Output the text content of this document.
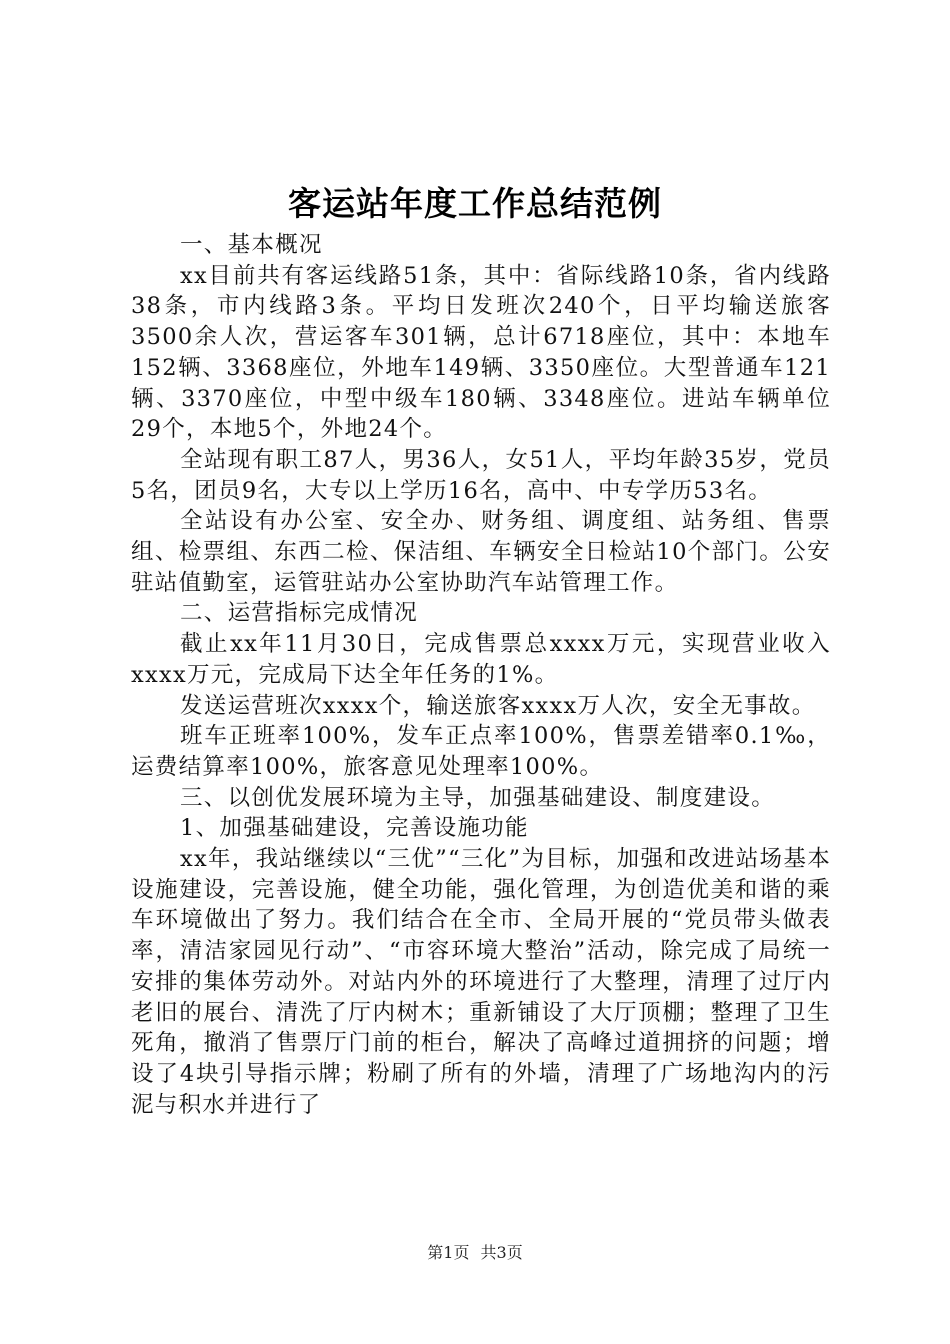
客运站年度工作总结范例

一、基本概况

xx目前共有客运线路51条，其中：省际线路10条，省内线路38条，市内线路3条。平均日发班次240个，日平均输送旅客3500余人次，营运客车301辆，总计6718座位，其中：本地车152辆、3368座位，外地车149辆、3350座位。大型普通车121辆、3370座位，中型中级车180辆、3348座位。进站车辆单位29个，本地5个，外地24个。

全站现有职工87人，男36人，女51人，平均年龄35岁，党员5名，团员9名，大专以上学历16名，高中、中专学历53名。

全站设有办公室、安全办、财务组、调度组、站务组、售票组、检票组、东西二检、保洁组、车辆安全日检站10个部门。公安驻站值勤室，运管驻站办公室协助汽车站管理工作。

二、运营指标完成情况

截止xx年11月30日，完成售票总xxxx万元，实现营业收入xxxx万元，完成局下达全年任务的1%。

发送运营班次xxxx个，输送旅客xxxx万人次，安全无事故。

班车正班率100%，发车正点率100%，售票差错率0.1‰，运费结算率100%，旅客意见处理率100%。

三、以创优发展环境为主导，加强基础建设、制度建设。

1、加强基础建设，完善设施功能

xx年，我站继续以“三优”“三化”为目标，加强和改进站场基本设施建设，完善设施，健全功能，强化管理，为创造优美和谐的乘车环境做出了努力。我们结合在全市、全局开展的“党员带头做表率，清洁家园见行动”、“市容环境大整治”活动，除完成了局统一安排的集体劳动外。对站内外的环境进行了大整理，清理了过厅内老旧的展台、清洗了厅内树木；重新铺设了大厅顶棚；整理了卫生死角，撤消了售票厅门前的柜台，解决了高峰过道拥挤的问题；增设了4块引导指示牌；粉刷了所有的外墙，清理了广场地沟内的污泥与积水并进行了

第1页 共3页
